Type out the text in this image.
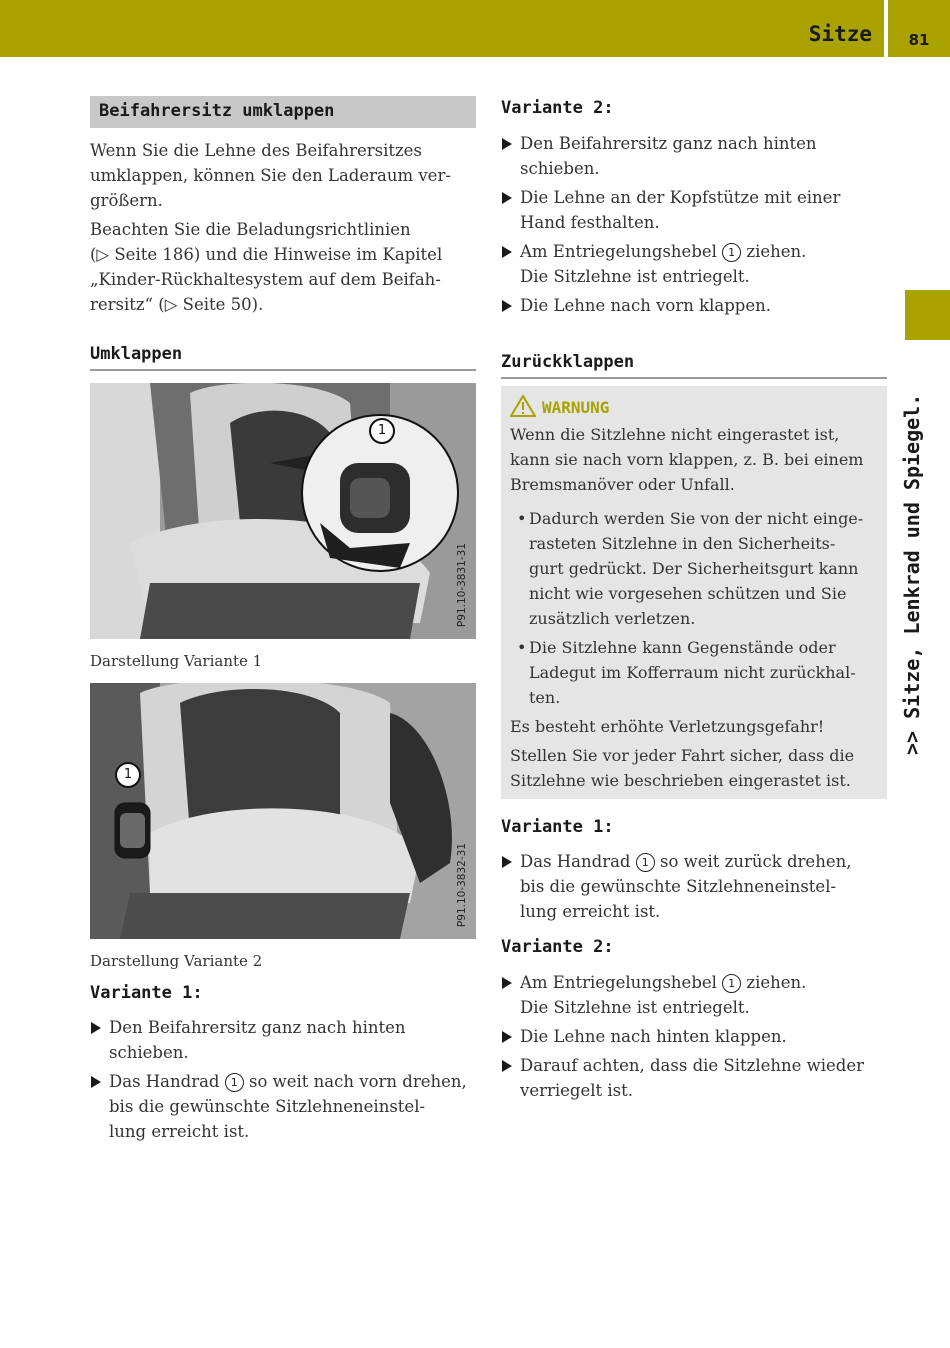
Sitze	81
>> Sitze, Lenkrad und Spiegel.
Beifahrersitz umklappen

Wenn Sie die Lehne des Beifahrersitzes

umklappen, können Sie den Laderaum ver-

größern.

Beachten Sie die Beladungsrichtlinien

(▷ Seite 186) und die Hinweise im Kapitel

„Kinder-Rückhaltesystem auf dem Beifah-

rersitz“ (▷ Seite 50).

Umklappen
1
P91.10-3831-31
Darstellung Variante 1
1
P91.10-3832-31
Darstellung Variante 2
Variante 1:

Den Beifahrersitz ganz nach hinten

schieben.

Das Handrad 1 so weit nach vorn drehen,

bis die gewünschte Sitzlehneneinstel-

lung erreicht ist.

Variante 2:

Den Beifahrersitz ganz nach hinten

schieben.

Die Lehne an der Kopfstütze mit einer

Hand festhalten.

Am Entriegelungshebel 1 ziehen.

Die Sitzlehne ist entriegelt.

Die Lehne nach vorn klappen.

Zurückklappen
WARNUNG

Wenn die Sitzlehne nicht eingerastet ist,

kann sie nach vorn klappen, z. B. bei einem

Bremsmanöver oder Unfall.

• Dadurch werden Sie von der nicht einge-

rasteten Sitzlehne in den Sicherheits-

gurt gedrückt. Der Sicherheitsgurt kann

nicht wie vorgesehen schützen und Sie

zusätzlich verletzen.

• Die Sitzlehne kann Gegenstände oder

Ladegut im Kofferraum nicht zurückhal-

ten.

Es besteht erhöhte Verletzungsgefahr!

Stellen Sie vor jeder Fahrt sicher, dass die

Sitzlehne wie beschrieben eingerastet ist.

Variante 1:

Das Handrad 1 so weit zurück drehen,

bis die gewünschte Sitzlehneneinstel-

lung erreicht ist.

Variante 2:

Am Entriegelungshebel 1 ziehen.

Die Sitzlehne ist entriegelt.

Die Lehne nach hinten klappen.

Darauf achten, dass die Sitzlehne wieder

verriegelt ist.
